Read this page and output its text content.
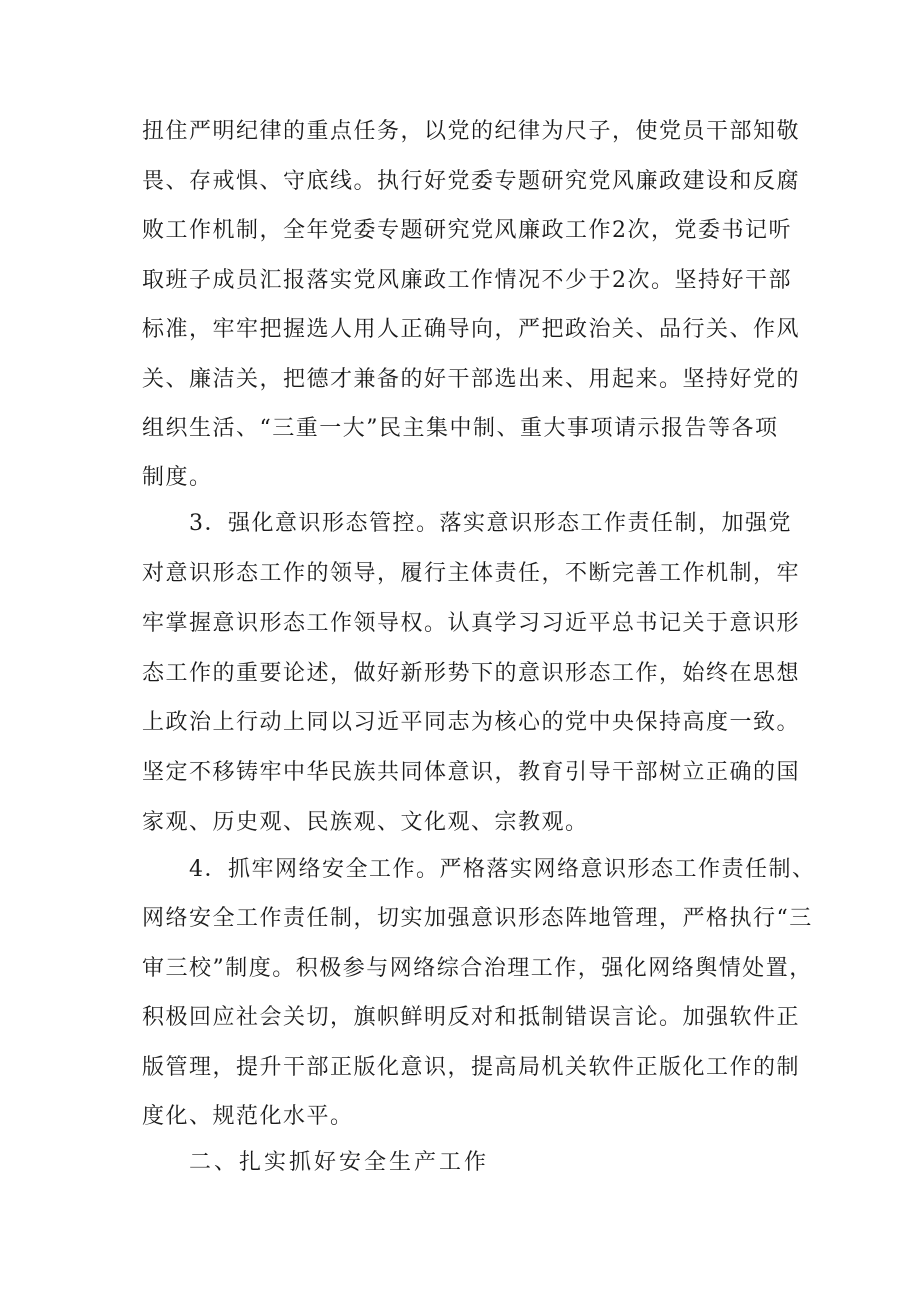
扭住严明纪律的重点任务，以党的纪律为尺子，使党员干部知敬
畏、存戒惧、守底线。执行好党委专题研究党风廉政建设和反腐
败工作机制，全年党委专题研究党风廉政工作2次，党委书记听
取班子成员汇报落实党风廉政工作情况不少于2次。坚持好干部
标准，牢牢把握选人用人正确导向，严把政治关、品行关、作风
关、廉洁关，把德才兼备的好干部选出来、用起来。坚持好党的
组织生活、“三重一大”民主集中制、重大事项请示报告等各项
制度。
3．强化意识形态管控。落实意识形态工作责任制，加强党
对意识形态工作的领导，履行主体责任，不断完善工作机制，牢
牢掌握意识形态工作领导权。认真学习习近平总书记关于意识形
态工作的重要论述，做好新形势下的意识形态工作，始终在思想
上政治上行动上同以习近平同志为核心的党中央保持高度一致。
坚定不移铸牢中华民族共同体意识，教育引导干部树立正确的国
家观、历史观、民族观、文化观、宗教观。
4．抓牢网络安全工作。严格落实网络意识形态工作责任制、
网络安全工作责任制，切实加强意识形态阵地管理，严格执行“三
审三校”制度。积极参与网络综合治理工作，强化网络舆情处置，
积极回应社会关切，旗帜鲜明反对和抵制错误言论。加强软件正
版管理，提升干部正版化意识，提高局机关软件正版化工作的制
度化、规范化水平。
二、扎实抓好安全生产工作
